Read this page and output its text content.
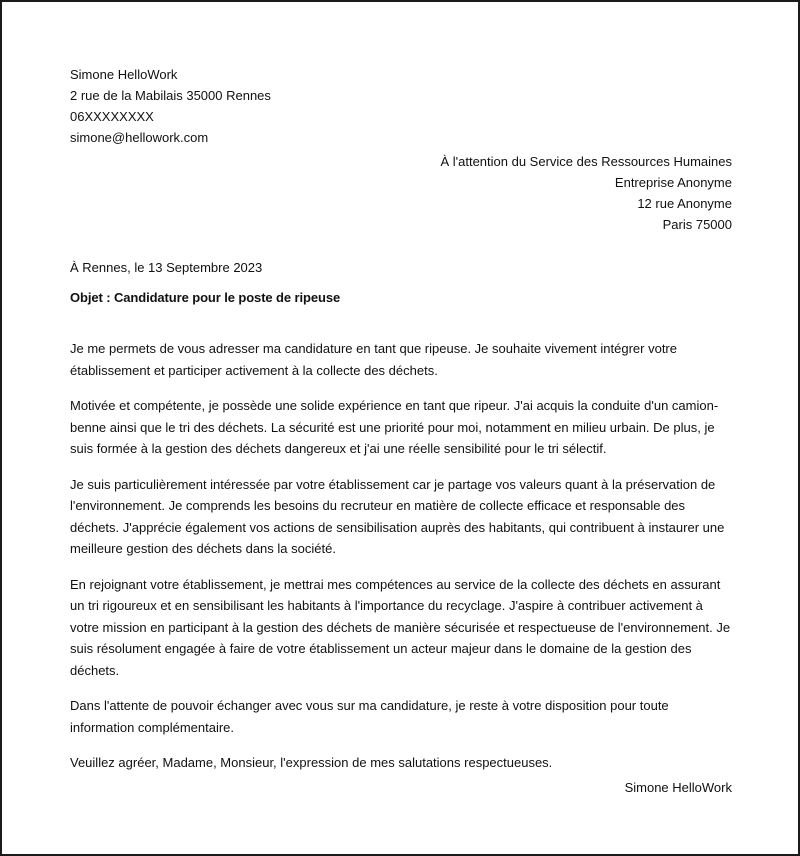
Simone HelloWork
2 rue de la Mabilais 35000 Rennes
06XXXXXXXX
simone@hellowork.com
À l'attention du Service des Ressources Humaines
Entreprise Anonyme
12 rue Anonyme
Paris 75000
À Rennes, le 13 Septembre 2023
Objet : Candidature pour le poste de ripeuse

Je me permets de vous adresser ma candidature en tant que ripeuse. Je souhaite vivement intégrer votre établissement et participer activement à la collecte des déchets.

Motivée et compétente, je possède une solide expérience en tant que ripeur. J'ai acquis la conduite d'un camion-benne ainsi que le tri des déchets. La sécurité est une priorité pour moi, notamment en milieu urbain. De plus, je suis formée à la gestion des déchets dangereux et j'ai une réelle sensibilité pour le tri sélectif.

Je suis particulièrement intéressée par votre établissement car je partage vos valeurs quant à la préservation de l'environnement. Je comprends les besoins du recruteur en matière de collecte efficace et responsable des déchets. J'apprécie également vos actions de sensibilisation auprès des habitants, qui contribuent à instaurer une meilleure gestion des déchets dans la société.

En rejoignant votre établissement, je mettrai mes compétences au service de la collecte des déchets en assurant un tri rigoureux et en sensibilisant les habitants à l'importance du recyclage. J'aspire à contribuer activement à votre mission en participant à la gestion des déchets de manière sécurisée et respectueuse de l'environnement. Je suis résolument engagée à faire de votre établissement un acteur majeur dans le domaine de la gestion des déchets.

Dans l'attente de pouvoir échanger avec vous sur ma candidature, je reste à votre disposition pour toute information complémentaire.

Veuillez agréer, Madame, Monsieur, l'expression de mes salutations respectueuses.

Simone HelloWork
